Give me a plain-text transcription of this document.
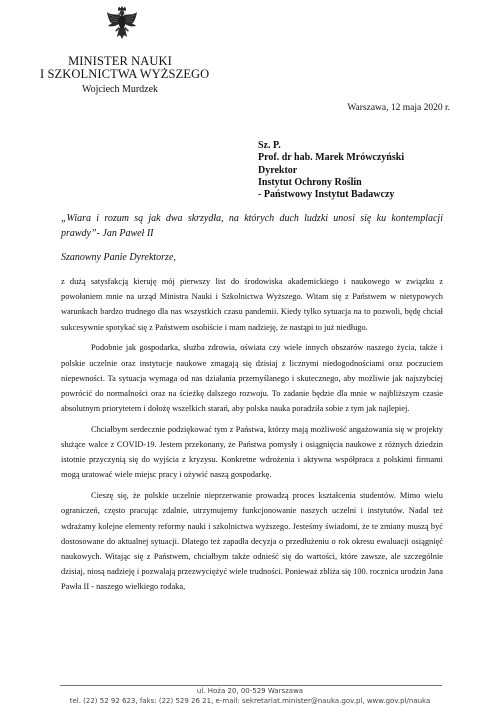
MINISTER NAUKI
I SZKOLNICTWA WYŻSZEGO
Wojciech Murdzek
Warszawa, 12 maja 2020 r.
Sz. P.
Prof. dr hab. Marek Mrówczyński
Dyrektor
Instytut Ochrony Roślin
- Państwowy Instytut Badawczy
„Wiara i rozum są jak dwa skrzydła, na których duch ludzki unosi się ku kontemplacji prawdy”- Jan Paweł II
Szanowny Panie Dyrektorze,

z dużą satysfakcją kieruję mój pierwszy list do środowiska akademickiego i naukowego w związku z powołaniem mnie na urząd Ministra Nauki i Szkolnictwa Wyższego. Witam się z Państwem w nietypowych warunkach bardzo trudnego dla nas wszystkich czasu pandemii. Kiedy tylko sytuacja na to pozwoli, będę chciał sukcesywnie spotykać się z Państwem osobiście i mam nadzieję, że nastąpi to już niedługo.

Podobnie jak gospodarka, służba zdrowia, oświata czy wiele innych obszarów naszego życia, także i polskie uczelnie oraz instytucje naukowe zmagają się dzisiaj z licznymi niedogodnościami oraz poczuciem niepewności. Ta sytuacja wymaga od nas działania przemyślanego i skutecznego, aby możliwie jak najszybciej powrócić do normalności oraz na ścieżkę dalszego rozwoju. To zadanie będzie dla mnie w najbliższym czasie absolutnym priorytetem i dołożę wszelkich starań, aby polska nauka poradziła sobie z tym jak najlepiej.

Chciałbym serdecznie podziękować tym z Państwa, którzy mają możliwość angażowania się w projekty służące walce z COVID-19. Jestem przekonany, że Państwa pomysły i osiągnięcia naukowe z różnych dziedzin istotnie przyczynią się do wyjścia z kryzysu. Konkretne wdrożenia i aktywna współpraca z polskimi firmami mogą uratować wiele miejsc pracy i ożywić naszą gospodarkę.

Cieszę się, że polskie uczelnie nieprzerwanie prowadzą proces kształcenia studentów. Mimo wielu ograniczeń, często pracując zdalnie, utrzymujemy funkcjonowanie naszych uczelni i instytutów. Nadal też wdrażamy kolejne elementy reformy nauki i szkolnictwa wyższego. Jesteśmy świadomi, że te zmiany muszą być dostosowane do aktualnej sytuacji. Dlatego też zapadła decyzja o przedłużeniu o rok okresu ewaluacji osiągnięć naukowych. Witając się z Państwem, chciałbym także odnieść się do wartości, które zawsze, ale szczególnie dzisiaj, niosą nadzieję i pozwalają przezwyciężyć wiele trudności. Ponieważ zbliża się 100. rocznica urodzin Jana Pawła II - naszego wielkiego rodaka,

ul. Hoża 20, 00-529 Warszawa
tel. (22) 52 92 623, faks: (22) 529 26 21, e-mail: sekretariat.minister@nauka.gov.pl, www.gov.pl/nauka
